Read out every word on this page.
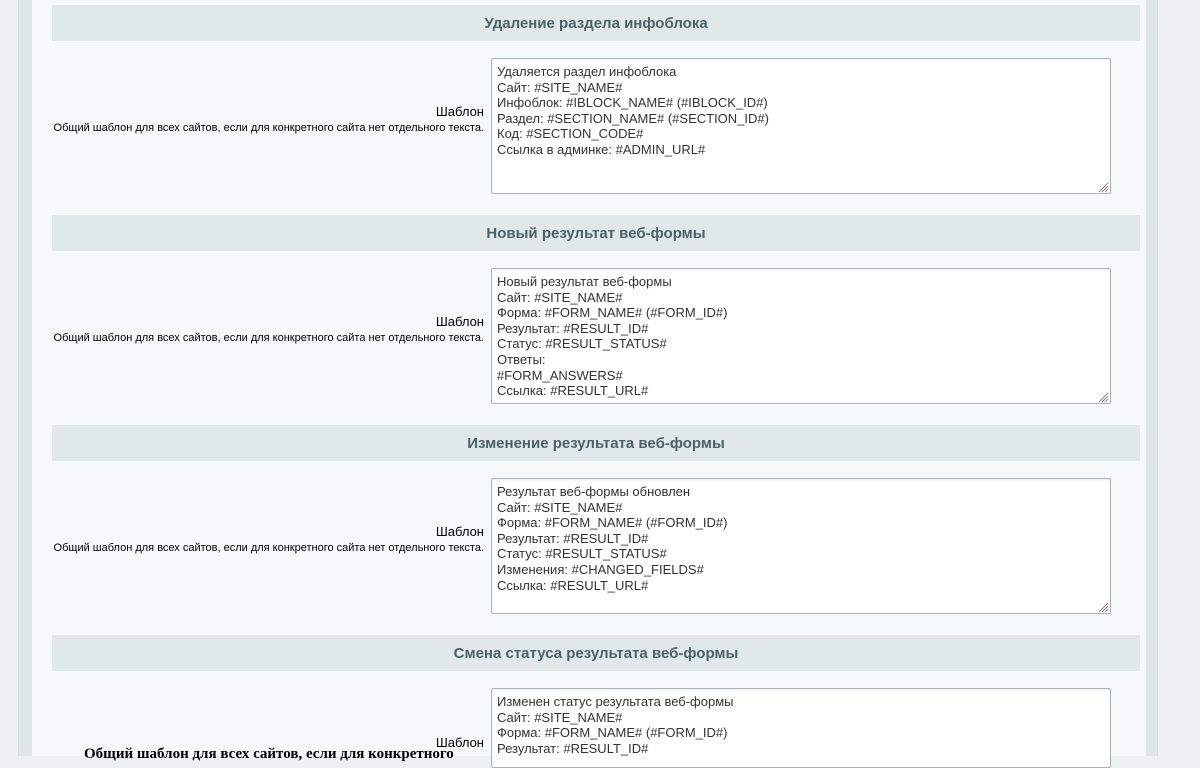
Удаление раздела инфоблока
Шаблон
Общий шаблон для всех сайтов, если для конкретного сайта нет отдельного текста.
Удаляется раздел инфоблока Сайт: #SITE_NAME# Инфоблок: #IBLOCK_NAME# (#IBLOCK_ID#) Раздел: #SECTION_NAME# (#SECTION_ID#) Код: #SECTION_CODE# Ссылка в админке: #ADMIN_URL#
Новый результат веб-формы
Шаблон
Общий шаблон для всех сайтов, если для конкретного сайта нет отдельного текста.
Новый результат веб-формы Сайт: #SITE_NAME# Форма: #FORM_NAME# (#FORM_ID#) Результат: #RESULT_ID# Статус: #RESULT_STATUS# Ответы: #FORM_ANSWERS# Ссылка: #RESULT_URL#
Изменение результата веб-формы
Шаблон
Общий шаблон для всех сайтов, если для конкретного сайта нет отдельного текста.
Результат веб-формы обновлен Сайт: #SITE_NAME# Форма: #FORM_NAME# (#FORM_ID#) Результат: #RESULT_ID# Статус: #RESULT_STATUS# Изменения: #CHANGED_FIELDS# Ссылка: #RESULT_URL#
Смена статуса результата веб-формы
Шаблон
Общий шаблон для всех сайтов, если для конкретного
Изменен статус результата веб-формы Сайт: #SITE_NAME# Форма: #FORM_NAME# (#FORM_ID#) Результат: #RESULT_ID#
